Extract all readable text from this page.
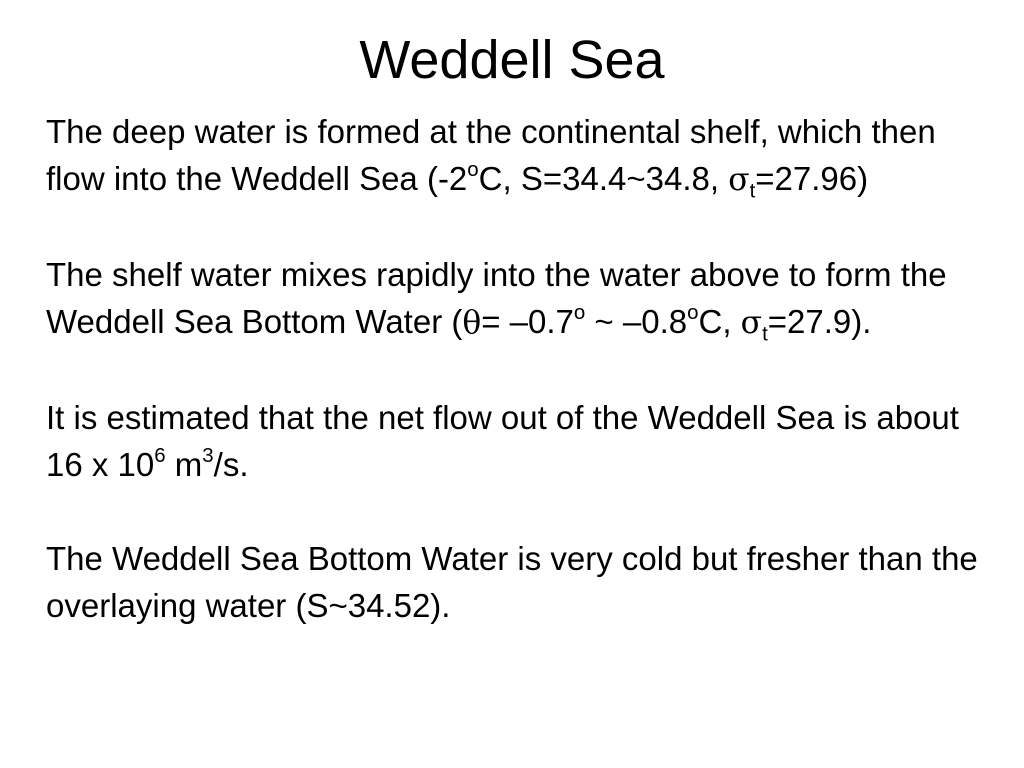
Weddell Sea

The deep water is formed at the continental shelf, which then flow into the Weddell Sea (-2$^o$C, S=34.4~34.8, $\sigma_t=27.96$)

The shelf water mixes rapidly into the water above to form the Weddell Sea Bottom Water ($\theta= -0.7^o$ ~ –0.8$^o$C, $\sigma_t=27.9$).

It is estimated that the net flow out of the Weddell Sea is about 16 x $10^6$ $m^3/s$.

The Weddell Sea Bottom Water is very cold but fresher than the overlaying water (S~34.52).
